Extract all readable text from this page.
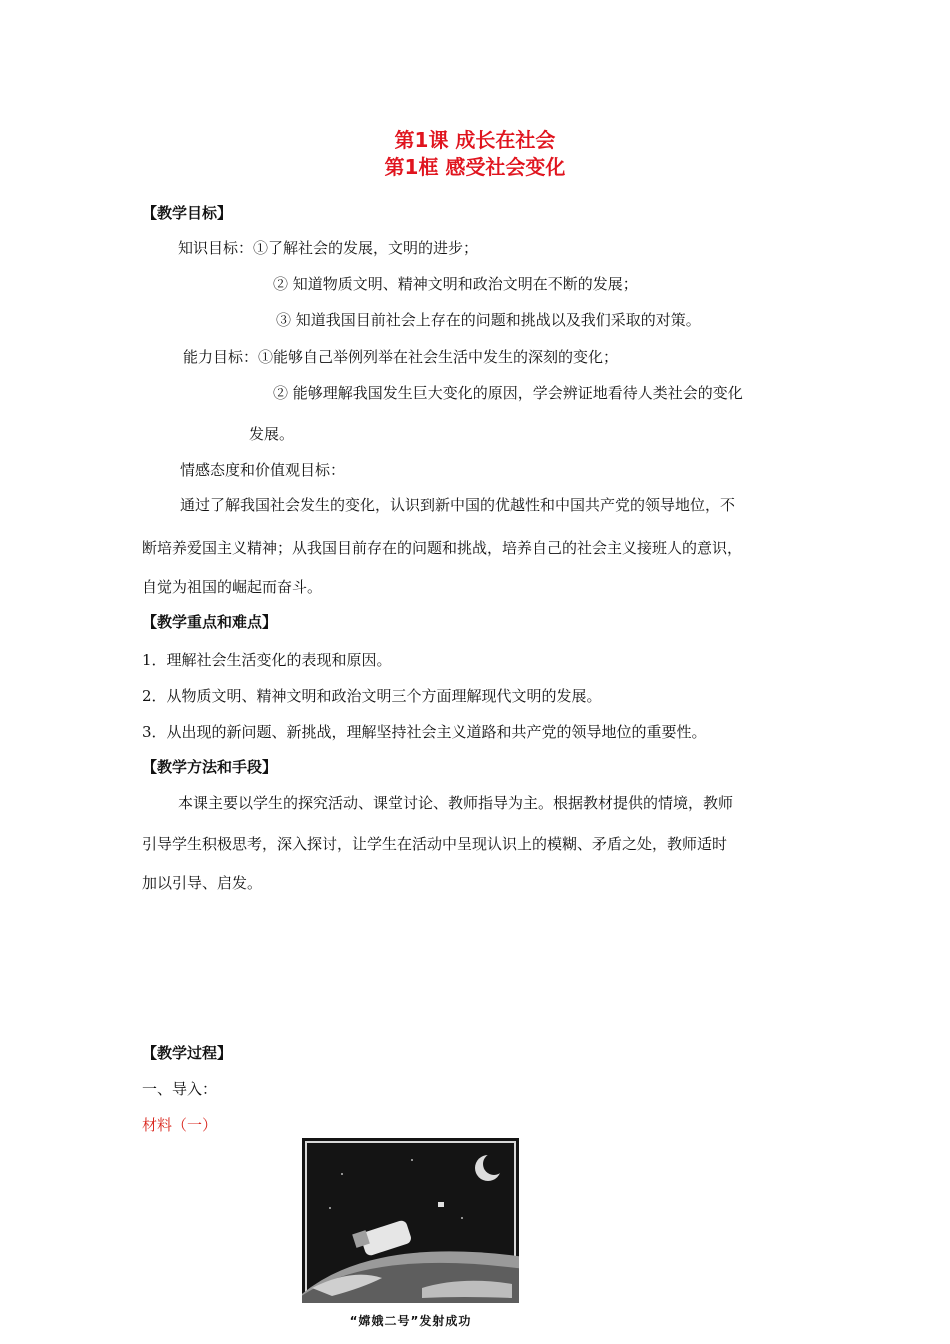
第1课 成长在社会
第1框 感受社会变化
【教学目标】
知识目标：①了解社会的发展，文明的进步；
② 知道物质文明、精神文明和政治文明在不断的发展；
③ 知道我国目前社会上存在的问题和挑战以及我们采取的对策。
能力目标：①能够自己举例列举在社会生活中发生的深刻的变化；
② 能够理解我国发生巨大变化的原因，学会辨证地看待人类社会的变化
发展。
情感态度和价值观目标：
通过了解我国社会发生的变化，认识到新中国的优越性和中国共产党的领导地位，不
断培养爱国主义精神；从我国目前存在的问题和挑战，培养自己的社会主义接班人的意识，
自觉为祖国的崛起而奋斗。
【教学重点和难点】
1．理解社会生活变化的表现和原因。
2．从物质文明、精神文明和政治文明三个方面理解现代文明的发展。
3．从出现的新问题、新挑战，理解坚持社会主义道路和共产党的领导地位的重要性。
【教学方法和手段】
本课主要以学生的探究活动、课堂讨论、教师指导为主。根据教材提供的情境，教师
引导学生积极思考，深入探讨，让学生在活动中呈现认识上的模糊、矛盾之处，教师适时
加以引导、启发。
【教学过程】
一、导入：
材料（一）
“嫦娥二号”发射成功
